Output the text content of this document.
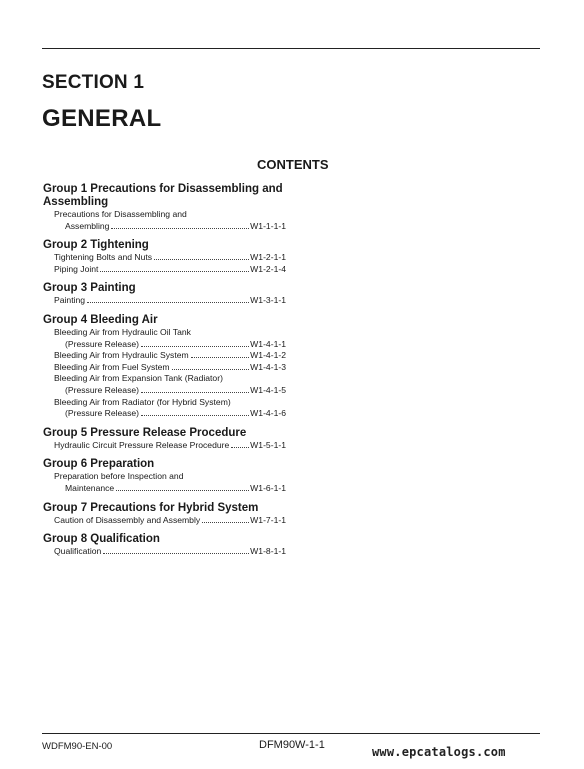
SECTION 1
GENERAL
CONTENTS
Group 1 Precautions for Disassembling and Assembling
Precautions for Disassembling and
Assembling	W1-1-1-1
Group 2 Tightening
Tightening Bolts and Nuts	W1-2-1-1
Piping Joint	W1-2-1-4
Group 3 Painting
Painting	W1-3-1-1
Group 4 Bleeding Air
Bleeding Air from Hydraulic Oil Tank
(Pressure Release)	W1-4-1-1
Bleeding Air from Hydraulic System	W1-4-1-2
Bleeding Air from Fuel System	W1-4-1-3
Bleeding Air from Expansion Tank (Radiator)
(Pressure Release)	W1-4-1-5
Bleeding Air from Radiator (for Hybrid System)
(Pressure Release)	W1-4-1-6
Group 5 Pressure Release Procedure
Hydraulic Circuit Pressure Release Procedure W1-5-1-1
Group 6 Preparation
Preparation before Inspection and
Maintenance	W1-6-1-1
Group 7 Precautions for Hybrid System
Caution of Disassembly and Assembly	W1-7-1-1
Group 8 Qualification
Qualification	W1-8-1-1
WDFM90-EN-00	DFM90W-1-1	www.epcatalogs.com
